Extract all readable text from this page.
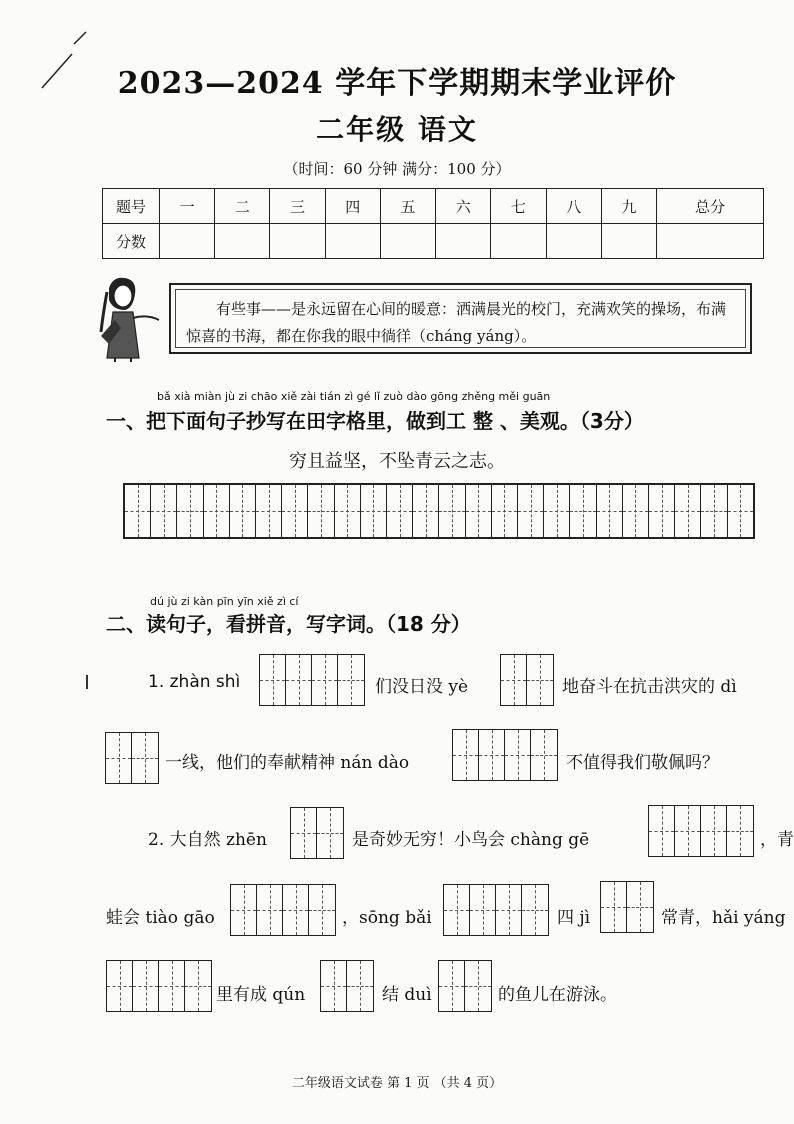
2023—2024 学年下学期期末学业评价
二年级 语文
（时间：60 分钟 满分：100 分）
题号	一	二	三	四	五	六	七	八	九	总分
分数										
有些事——是永远留在心间的暖意：洒满晨光的校门，充满欢笑的操场，布满惊喜的书海，都在你我的眼中徜徉（cháng yáng）。
bǎ xià miàn jù zi chāo xiě zài tián zì gé lǐ zuò dào gōng zhěng měi guān
一、把下面句子抄写在田字格里，做到工 整 、美观。（3分）
穷且益坚，不坠青云之志。
dú jù zi kàn pīn yīn xiě zì cí
二、读句子，看拼音，写字词。（18 分）
1. zhàn shì	们没日没 yè	地奋斗在抗击洪灾的 dì
一线，他们的奉献精神 nán dào	不值得我们敬佩吗？
2. 大自然 zhēn	是奇妙无穷！小鸟会 chàng gē	，青
蛙会 tiào gāo	，sōng bǎi	四 jì	常青，hǎi yáng
里有成 qún	结 duì	的鱼儿在游泳。
二年级语文试卷 第 1 页 （共 4 页）
